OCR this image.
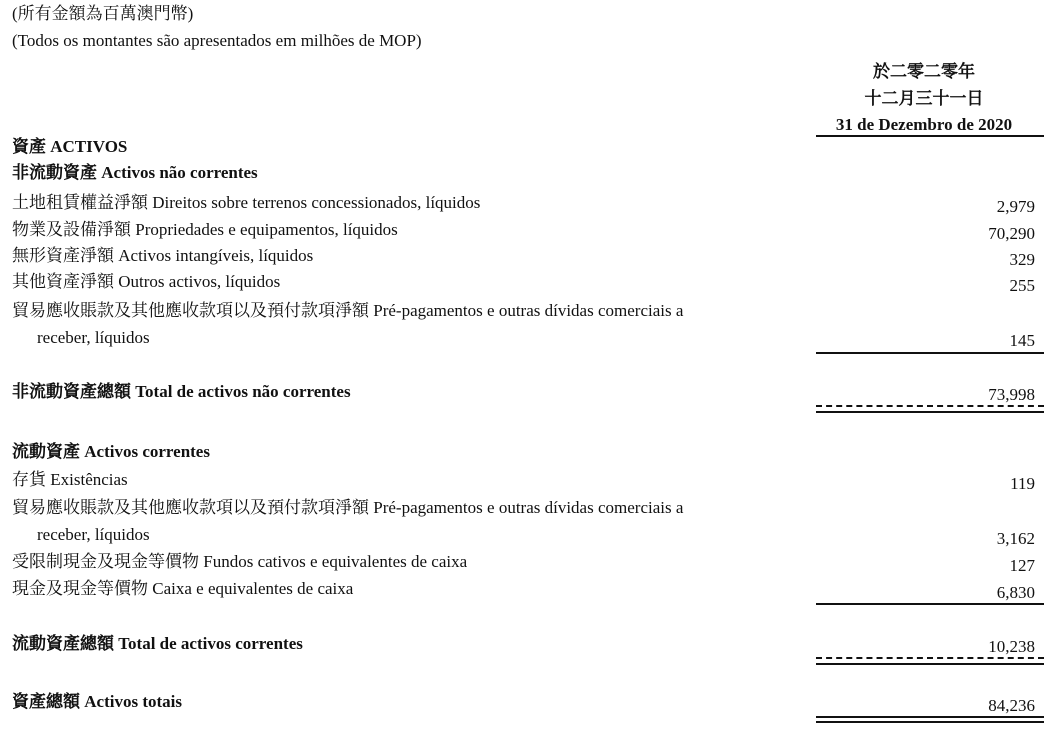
(所有金額為百萬澳門幣)
(Todos os montantes são apresentados em milhões de MOP)
於二零二零年
十二月三十一日
31 de Dezembro de 2020
資產 ACTIVOS
非流動資產 Activos não correntes
土地租賃權益淨額 Direitos sobre terrenos concessionados, líquidos	2,979
物業及設備淨額 Propriedades e equipamentos, líquidos	70,290
無形資產淨額 Activos intangíveis, líquidos	329
其他資產淨額 Outros activos, líquidos	255
貿易應收賬款及其他應收款項以及預付款項淨額 Pré-pagamentos e outras dívidas comerciais a
receber, líquidos	145
非流動資產總額 Total de activos não correntes	73,998
流動資產 Activos correntes
存貨 Existências	119
貿易應收賬款及其他應收款項以及預付款項淨額 Pré-pagamentos e outras dívidas comerciais a
receber, líquidos	3,162
受限制現金及現金等價物 Fundos cativos e equivalentes de caixa	127
現金及現金等價物 Caixa e equivalentes de caixa	6,830
流動資產總額 Total de activos correntes	10,238
資產總額 Activos totais	84,236
